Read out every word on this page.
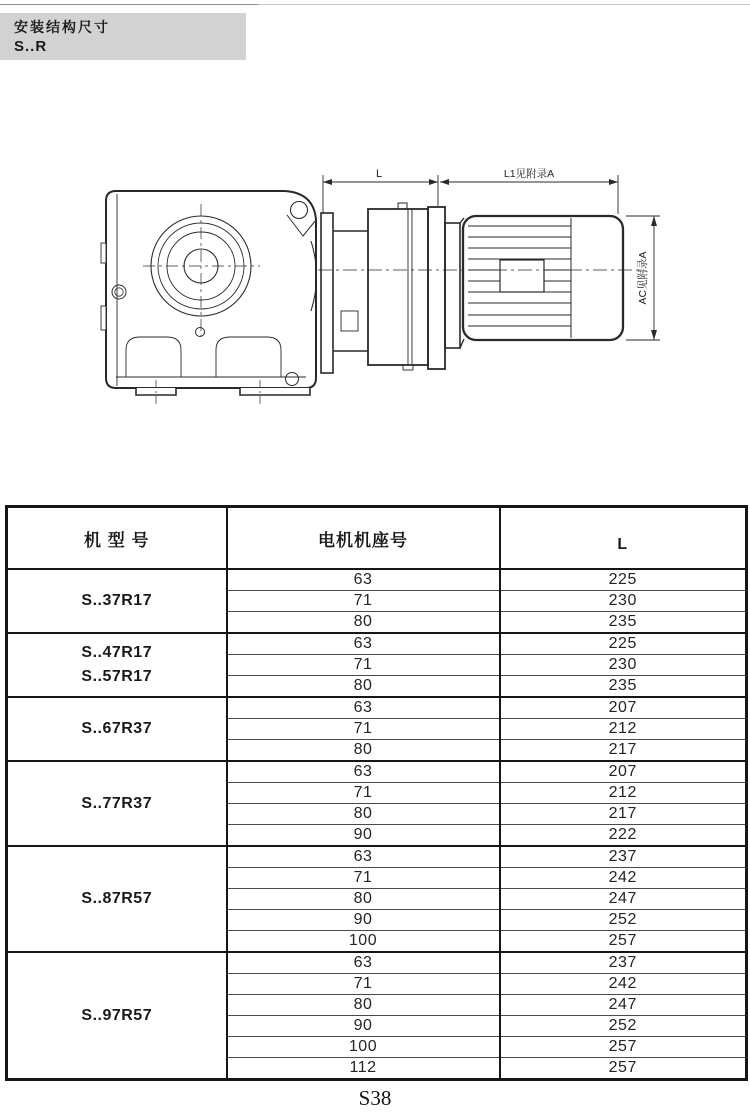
安装结构尺寸
S..R
L	L1见附录A
AC见附录A
机 型 号	电机机座号	L

S..37R17	63	225
	71	230
	80	235

S..47R17
S..57R17	63	225
	71	230
	80	235

S..67R37	63	207
	71	212
	80	217

S..77R37	63	207
	71	212
	80	217
	90	222

S..87R57	63	237
	71	242
	80	247
	90	252
	100	257

S..97R57	63	237
	71	242
	80	247
	90	252
	100	257
	112	257
S38
